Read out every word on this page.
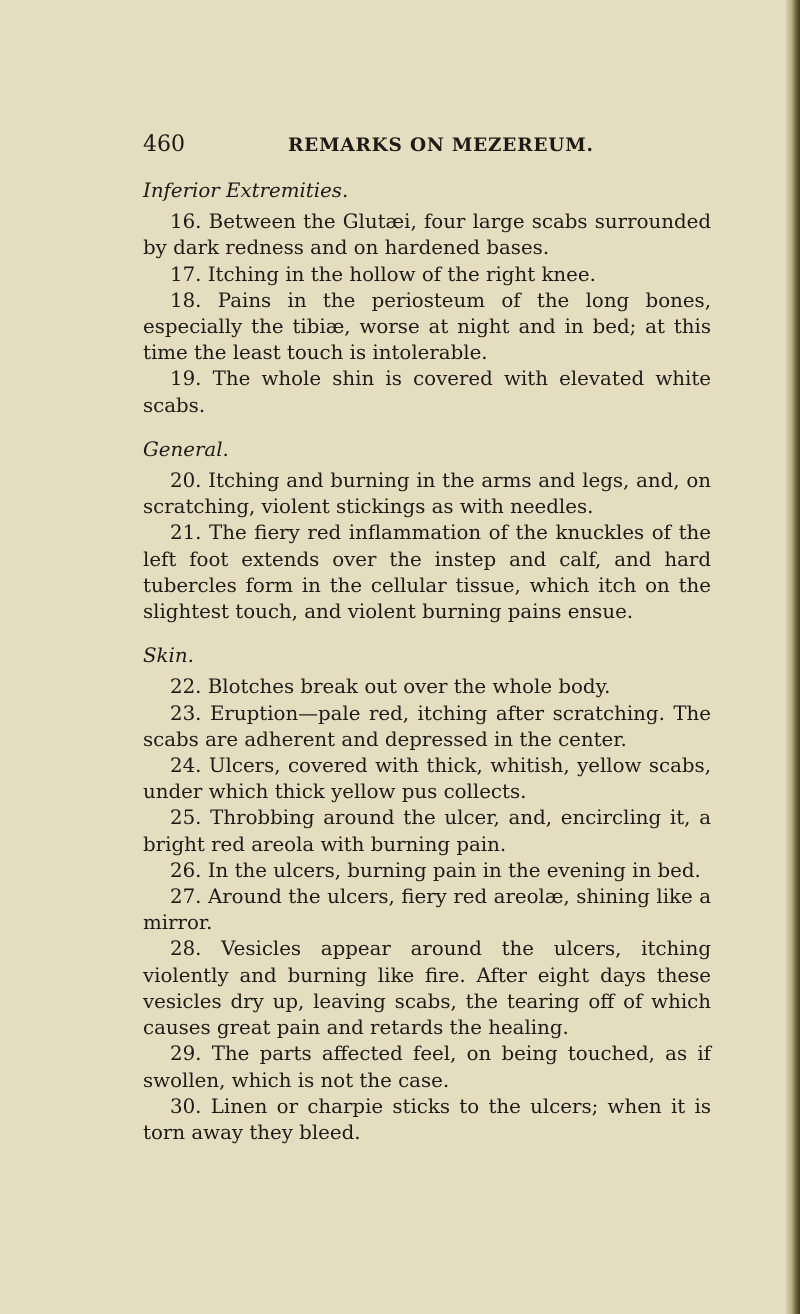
460	REMARKS ON MEZEREUM.
Inferior Extremities.

16. Between the Glutæi, four large scabs surrounded by dark redness and on hardened bases.

17. Itching in the hollow of the right knee.

18. Pains in the periosteum of the long bones, especially the tibiæ, worse at night and in bed; at this time the least touch is intolerable.

19. The whole shin is covered with elevated white scabs.

General.

20. Itching and burning in the arms and legs, and, on scratching, violent stickings as with needles.

21. The fiery red inflammation of the knuckles of the left foot extends over the instep and calf, and hard tubercles form in the cellular tissue, which itch on the slightest touch, and violent burning pains ensue.

Skin.

22. Blotches break out over the whole body.

23. Eruption—pale red, itching after scratching. The scabs are adherent and depressed in the center.

24. Ulcers, covered with thick, whitish, yellow scabs, under which thick yellow pus collects.

25. Throbbing around the ulcer, and, encircling it, a bright red areola with burning pain.

26. In the ulcers, burning pain in the evening in bed.

27. Around the ulcers, fiery red areolæ, shining like a mirror.

28. Vesicles appear around the ulcers, itching violently and burning like fire. After eight days these vesicles dry up, leaving scabs, the tearing off of which causes great pain and retards the healing.

29. The parts affected feel, on being touched, as if swollen, which is not the case.

30. Linen or charpie sticks to the ulcers; when it is torn away they bleed.
